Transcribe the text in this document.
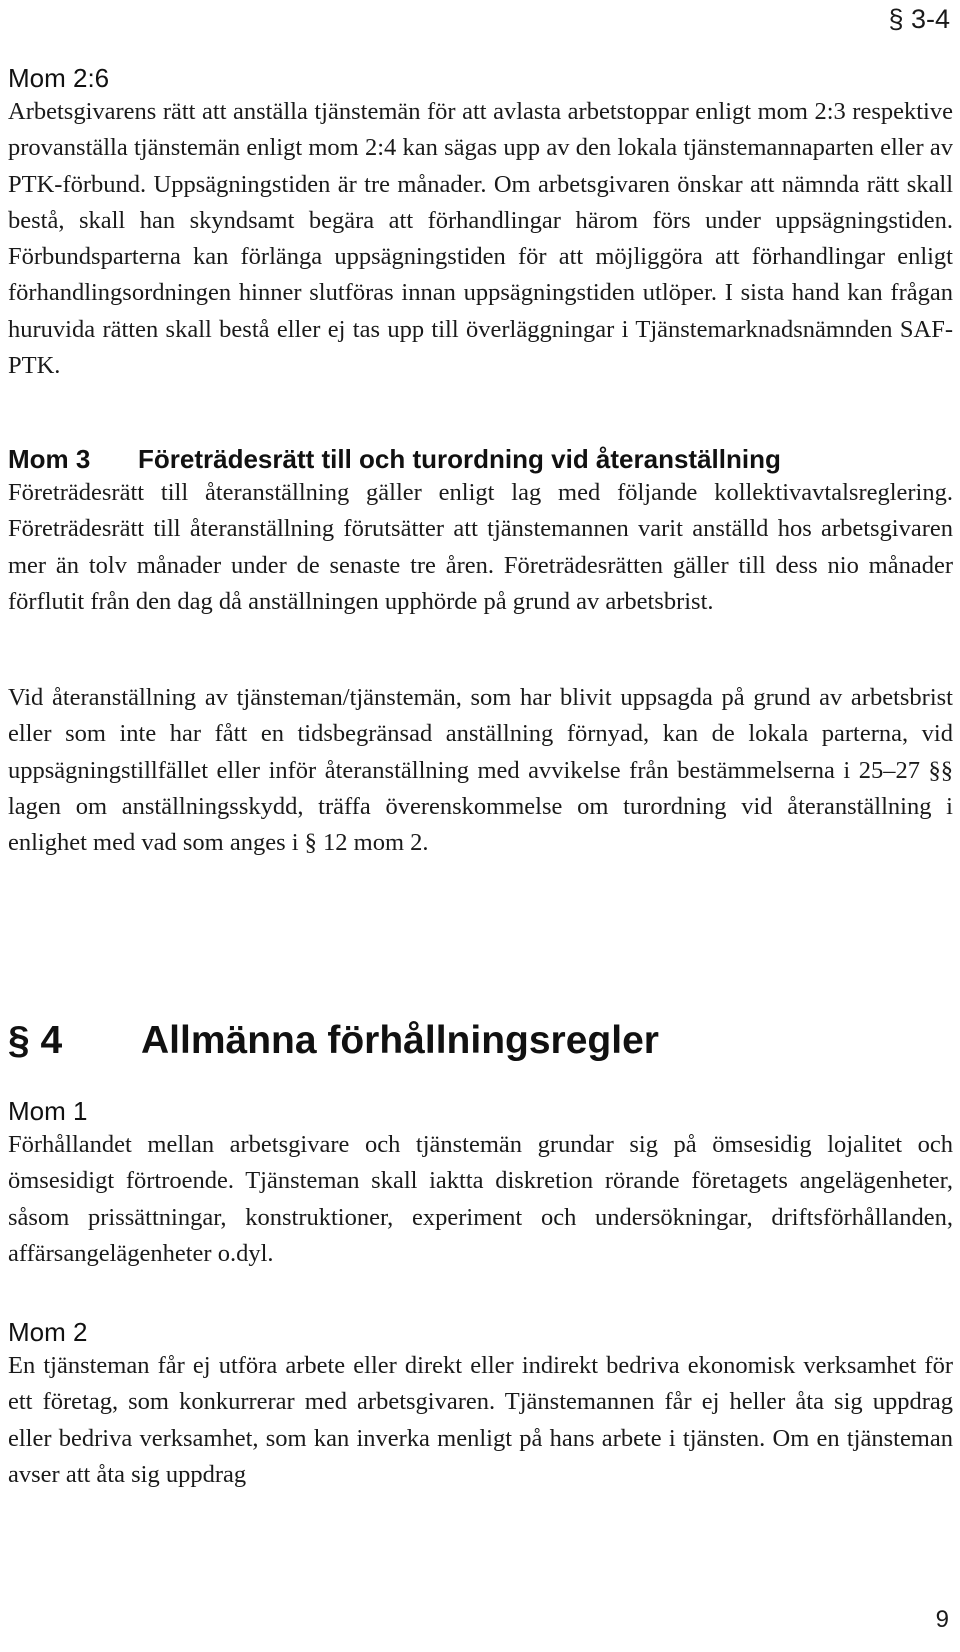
§ 3-4
Mom 2:6

Arbetsgivarens rätt att anställa tjänstemän för att avlasta arbetstoppar enligt mom 2:3 respektive provanställa tjänstemän enligt mom 2:4 kan sägas upp av den lokala tjänstemannaparten eller av PTK-förbund. Uppsägningstiden är tre månader. Om arbetsgivaren önskar att nämnda rätt skall bestå, skall han skyndsamt begära att förhandlingar härom förs under uppsägningstiden. Förbundsparterna kan förlänga uppsägningstiden för att möjliggöra att förhandlingar enligt förhandlingsordningen hinner slutföras innan uppsägningstiden utlöper. I sista hand kan frågan huruvida rätten skall bestå eller ej tas upp till överläggningar i Tjänstemarknadsnämnden SAF-PTK.

Mom 3 Företrädesrätt till och turordning vid återanställning

Företrädesrätt till återanställning gäller enligt lag med följande kollektivavtalsreglering. Företrädesrätt till återanställning förutsätter att tjänstemannen varit anställd hos arbetsgivaren mer än tolv månader under de senaste tre åren. Företrädesrätten gäller till dess nio månader förflutit från den dag då anställningen upphörde på grund av arbetsbrist.

Vid återanställning av tjänsteman/tjänstemän, som har blivit uppsagda på grund av arbetsbrist eller som inte har fått en tidsbegränsad anställning förnyad, kan de lokala parterna, vid uppsägningstillfället eller inför återanställning med avvikelse från bestämmelserna i 25–27 §§ lagen om anställningsskydd, träffa överenskommelse om turordning vid återanställning i enlighet med vad som anges i § 12 mom 2.

§ 4 Allmänna förhållningsregler
Mom 1

Förhållandet mellan arbetsgivare och tjänstemän grundar sig på ömsesidig lojalitet och ömsesidigt förtroende. Tjänsteman skall iaktta diskretion rörande företagets angelägenheter, såsom prissättningar, konstruktioner, experiment och undersökningar, driftsförhållanden, affärsangelägenheter o.dyl.

Mom 2

En tjänsteman får ej utföra arbete eller direkt eller indirekt bedriva ekonomisk verksamhet för ett företag, som konkurrerar med arbetsgivaren. Tjänstemannen får ej heller åta sig uppdrag eller bedriva verksamhet, som kan inverka menligt på hans arbete i tjänsten. Om en tjänsteman avser att åta sig uppdrag

9
